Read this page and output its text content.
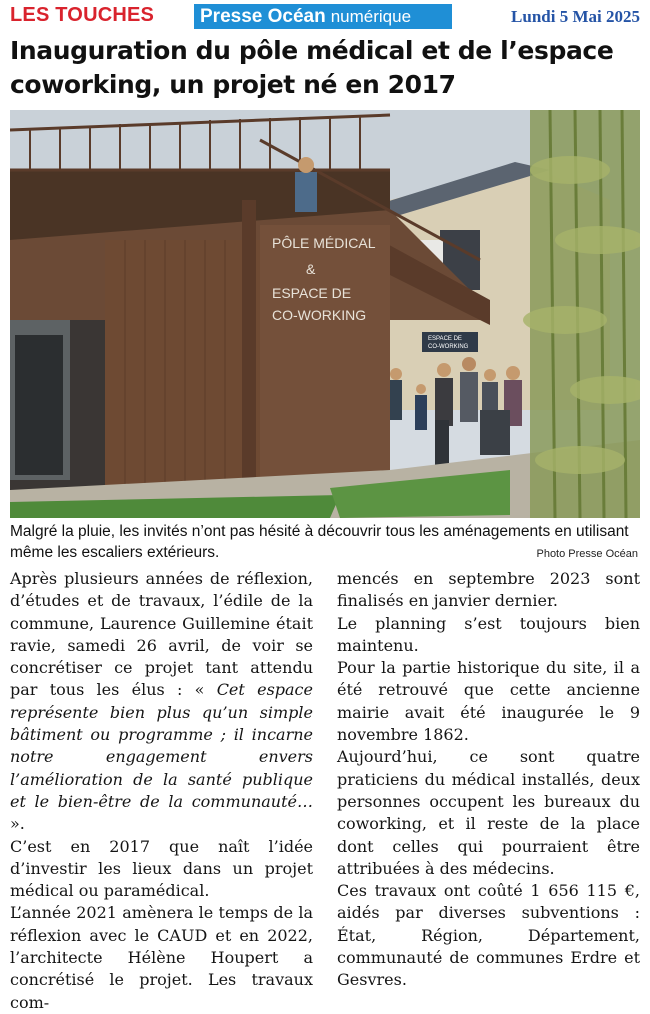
LES TOUCHES	Presse Océan numérique	Lundi 5 Mai 2025
Inauguration du pôle médical et de l’espace coworking, un projet né en 2017
PÔLE MÉDICAL
&
ESPACE DE
CO-WORKING
ESPACE DE
CO-WORKING

Malgré la pluie, les invités n’ont pas hésité à découvrir tous les aménagements en utilisant même les escaliers extérieurs.	Photo Presse Océan

Après plusieurs années de réflexion, d’études et de travaux, l’édile de la commune, Laurence Guillemine était ravie, samedi 26 avril, de voir se concrétiser ce projet tant attendu par tous les élus : « Cet espace représente bien plus qu’un simple bâtiment ou programme ; il incarne notre engagement envers l’amélioration de la santé publique et le bien-être de la communauté… ».

C’est en 2017 que naît l’idée d’investir les lieux dans un projet médical ou paramédical.

L’année 2021 amènera le temps de la réflexion avec le CAUD et en 2022, l’architecte Hélène Houpert a concrétisé le projet. Les travaux com-

mencés en septembre 2023 sont finalisés en janvier dernier.

Le planning s’est toujours bien maintenu.

Pour la partie historique du site, il a été retrouvé que cette ancienne mairie avait été inaugurée le 9 novembre 1862.

Aujourd’hui, ce sont quatre praticiens du médical installés, deux personnes occupent les bureaux du coworking, et il reste de la place dont celles qui pourraient être attribuées à des médecins.

Ces travaux ont coûté 1 656 115 €, aidés par diverses subventions : État, Région, Département, communauté de communes Erdre et Gesvres.
